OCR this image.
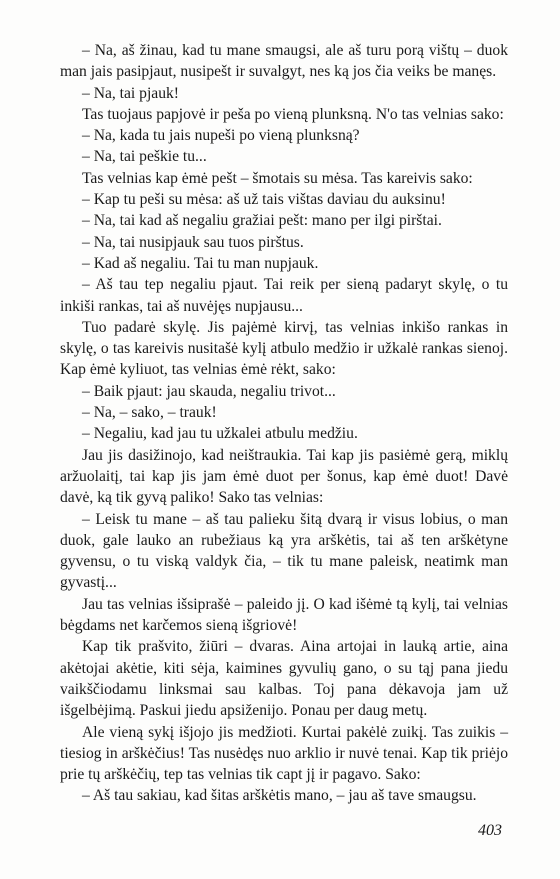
– Na, aš žinau, kad tu mane smaugsi, ale aš turu porą vištų – duok man jais pasipjaut, nusipešt ir suvalgyt, nes ką jos čia veiks be manęs.

– Na, tai pjauk!

Tas tuojaus papjovė ir peša po vieną plunksną. N'o tas velnias sako:

– Na, kada tu jais nupeši po vieną plunksną?

– Na, tai peškie tu...

Tas velnias kap ėmė pešt – šmotais su mėsa. Tas kareivis sako:

– Kap tu peši su mėsa: aš už tais vištas daviau du auksinu!

– Na, tai kad aš negaliu gražiai pešt: mano per ilgi pirštai.

– Na, tai nusipjauk sau tuos pirštus.

– Kad aš negaliu. Tai tu man nupjauk.

– Aš tau tep negaliu pjaut. Tai reik per sieną padaryt skylę, o tu inkiši rankas, tai aš nuvėjęs nupjausu...

Tuo padarė skylę. Jis pajėmė kirvį, tas velnias inkišo rankas in skylę, o tas kareivis nusitašė kylį atbulo medžio ir užkalė rankas sienoj. Kap ėmė kyliuot, tas velnias ėmė rėkt, sako:

– Baik pjaut: jau skauda, negaliu trivot...

– Na, – sako, – trauk!

– Negaliu, kad jau tu užkalei atbulu medžiu.

Jau jis dasižinojo, kad neištraukia. Tai kap jis pasiėmė gerą, miklų aržuolaitį, tai kap jis jam ėmė duot per šonus, kap ėmė duot! Davė davė, ką tik gyvą paliko! Sako tas velnias:

– Leisk tu mane – aš tau palieku šitą dvarą ir visus lobius, o man duok, gale lauko an rubežiaus ką yra arškėtis, tai aš ten arškėtyne gyvensu, o tu viską valdyk čia, – tik tu mane paleisk, neatimk man gyvastį...

Jau tas velnias išsiprašė – paleido jį. O kad išėmė tą kylį, tai velnias bėgdams net karčemos sieną išgriovė!

Kap tik prašvito, žiūri – dvaras. Aina artojai in lauką artie, aina akėtojai akėtie, kiti sėja, kaimines gyvulių gano, o su tąj pana jiedu vaikščiodamu linksmai sau kalbas. Toj pana dėkavoja jam už išgelbėjimą. Paskui jiedu apsiženijo. Ponau per daug metų.

Ale vieną sykį išjojo jis medžioti. Kurtai pakėlė zuikį. Tas zuikis – tiesiog in arškėčius! Tas nusėdęs nuo arklio ir nuvė tenai. Kap tik priėjo prie tų arškėčių, tep tas velnias tik capt jį ir pagavo. Sako:

– Aš tau sakiau, kad šitas arškėtis mano, – jau aš tave smaugsu.

403
